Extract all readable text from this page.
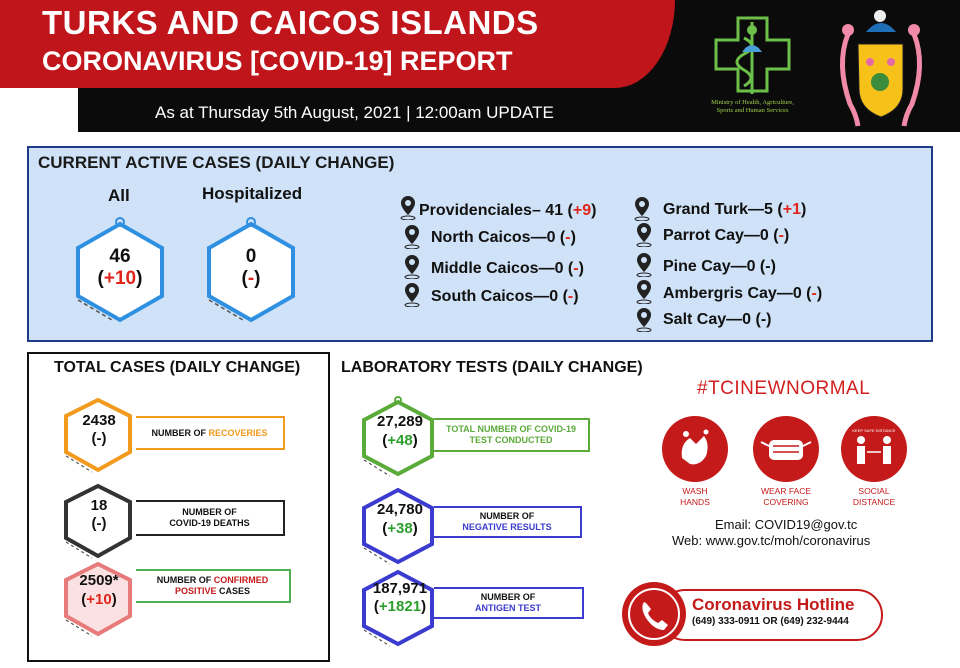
TURKS AND CAICOS ISLANDS
CORONAVIRUS [COVID-19] REPORT
As at Thursday 5th August, 2021 | 12:00am UPDATE
Ministry of Health, Agriculture,
Sports and Human Services
CURRENT ACTIVE CASES (DAILY CHANGE)
All	Hospitalized
46
(+10)
0
(-)
Providenciales– 41 (+9)
North Caicos—0 (-)
Middle Caicos—0 (-)
South Caicos—0 (-)
Grand Turk—5 (+1)
Parrot Cay—0 (-)
Pine Cay—0 (-)
Ambergris Cay—0 (-)
Salt Cay—0 (-)
TOTAL CASES (DAILY CHANGE)
2438
(-)	NUMBER OF RECOVERIES
18
(-)
NUMBER OF
COVID-19 DEATHS
2509*
(+10)
NUMBER OF CONFIRMED
POSITIVE CASES
LABORATORY TESTS (DAILY CHANGE)
27,289
(+48)
TOTAL NUMBER OF COVID-19
TEST CONDUCTED
24,780
(+38)
NUMBER OF
NEGATIVE RESULTS
187,971
(+1821)
NUMBER OF
ANTIGEN TEST
#TCINEWNORMAL
WASH
HANDS
WEAR FACE
COVERING
KEEP SAFE DISTANCE
SOCIAL
DISTANCE
Email: COVID19@gov.tc
Web: www.gov.tc/moh/coronavirus
Coronavirus Hotline
(649) 333-0911 OR (649) 232-9444
